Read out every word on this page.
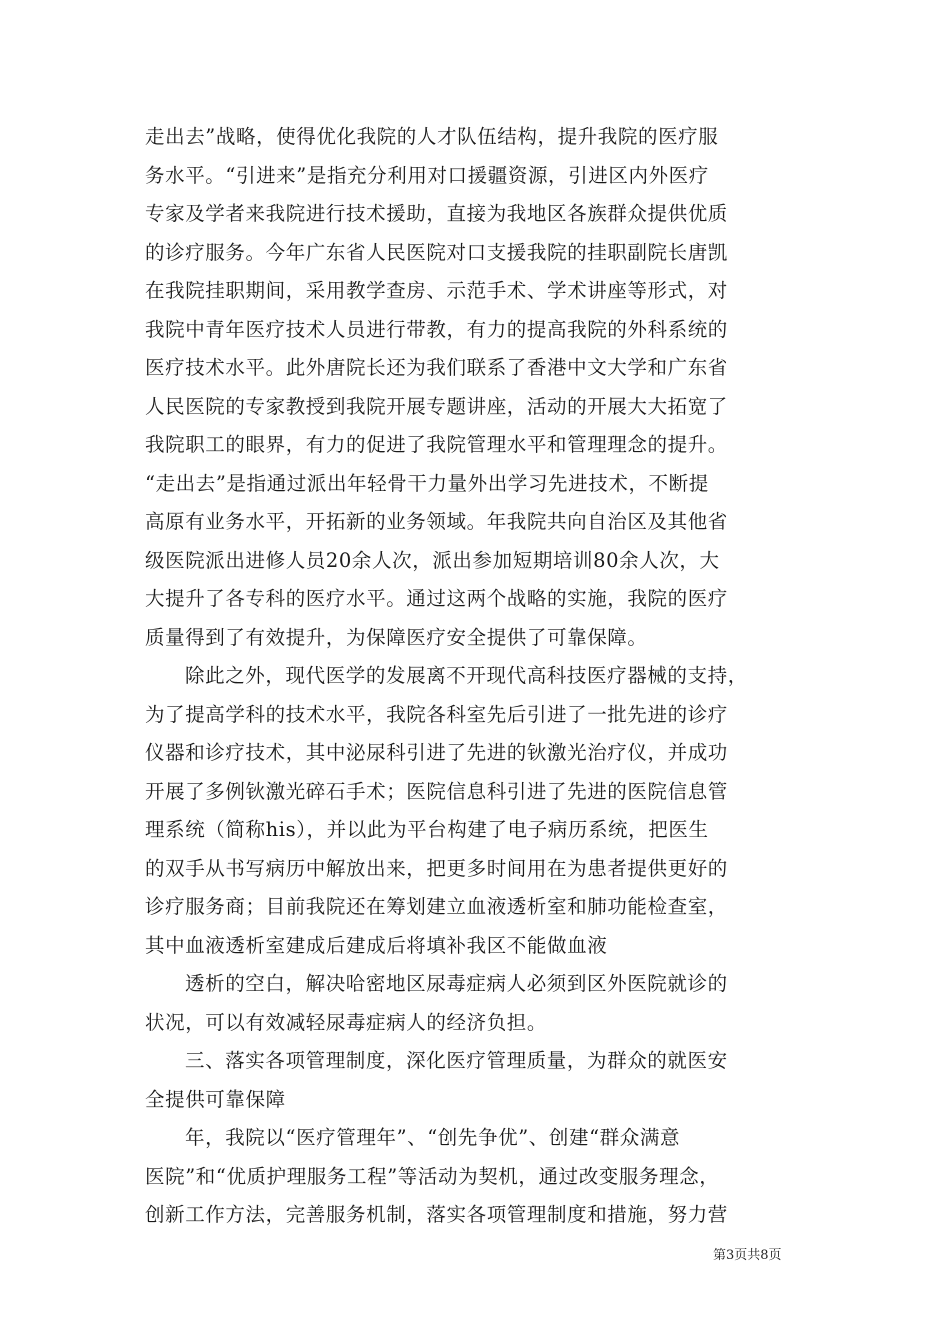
走出去”战略，使得优化我院的人才队伍结构，提升我院的医疗服
务水平。“引进来”是指充分利用对口援疆资源，引进区内外医疗
专家及学者来我院进行技术援助，直接为我地区各族群众提供优质
的诊疗服务。今年广东省人民医院对口支援我院的挂职副院长唐凯
在我院挂职期间，采用教学查房、示范手术、学术讲座等形式，对
我院中青年医疗技术人员进行带教，有力的提高我院的外科系统的
医疗技术水平。此外唐院长还为我们联系了香港中文大学和广东省
人民医院的专家教授到我院开展专题讲座，活动的开展大大拓宽了
我院职工的眼界，有力的促进了我院管理水平和管理理念的提升。
“走出去”是指通过派出年轻骨干力量外出学习先进技术，不断提
高原有业务水平，开拓新的业务领域。年我院共向自治区及其他省
级医院派出进修人员20余人次，派出参加短期培训80余人次，大
大提升了各专科的医疗水平。通过这两个战略的实施，我院的医疗
质量得到了有效提升，为保障医疗安全提供了可靠保障。
除此之外，现代医学的发展离不开现代高科技医疗器械的支持，
为了提高学科的技术水平，我院各科室先后引进了一批先进的诊疗
仪器和诊疗技术，其中泌尿科引进了先进的钬激光治疗仪，并成功
开展了多例钬激光碎石手术；医院信息科引进了先进的医院信息管
理系统（简称his），并以此为平台构建了电子病历系统，把医生
的双手从书写病历中解放出来，把更多时间用在为患者提供更好的
诊疗服务商；目前我院还在筹划建立血液透析室和肺功能检查室，
其中血液透析室建成后建成后将填补我区不能做血液
透析的空白，解决哈密地区尿毒症病人必须到区外医院就诊的
状况，可以有效减轻尿毒症病人的经济负担。
三、落实各项管理制度，深化医疗管理质量，为群众的就医安
全提供可靠保障
年，我院以“医疗管理年”、“创先争优”、创建“群众满意
医院”和“优质护理服务工程”等活动为契机，通过改变服务理念，
创新工作方法，完善服务机制，落实各项管理制度和措施，努力营
第3页共8页
